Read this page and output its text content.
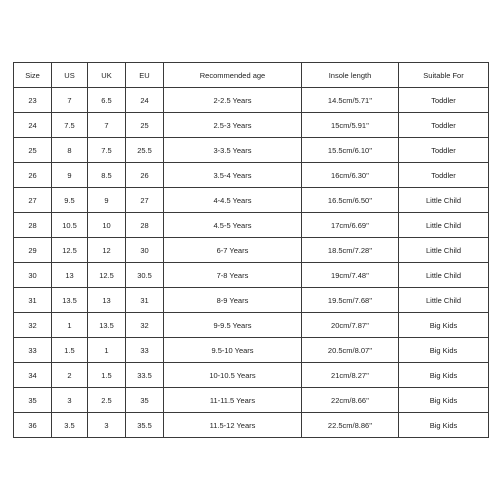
Size	US	UK	EU	Recommended age	Insole length	Suitable For
23	7	6.5	24	2-2.5 Years	14.5cm/5.71''	Toddler
24	7.5	7	25	2.5-3 Years	15cm/5.91''	Toddler
25	8	7.5	25.5	3-3.5 Years	15.5cm/6.10''	Toddler
26	9	8.5	26	3.5-4 Years	16cm/6.30''	Toddler
27	9.5	9	27	4-4.5 Years	16.5cm/6.50''	Little Child
28	10.5	10	28	4.5-5 Years	17cm/6.69''	Little Child
29	12.5	12	30	6-7 Years	18.5cm/7.28''	Little Child
30	13	12.5	30.5	7-8 Years	19cm/7.48''	Little Child
31	13.5	13	31	8-9 Years	19.5cm/7.68''	Little Child
32	1	13.5	32	9-9.5 Years	20cm/7.87''	Big Kids
33	1.5	1	33	9.5-10 Years	20.5cm/8.07''	Big Kids
34	2	1.5	33.5	10-10.5 Years	21cm/8.27''	Big Kids
35	3	2.5	35	11-11.5 Years	22cm/8.66''	Big Kids
36	3.5	3	35.5	11.5-12 Years	22.5cm/8.86''	Big Kids
